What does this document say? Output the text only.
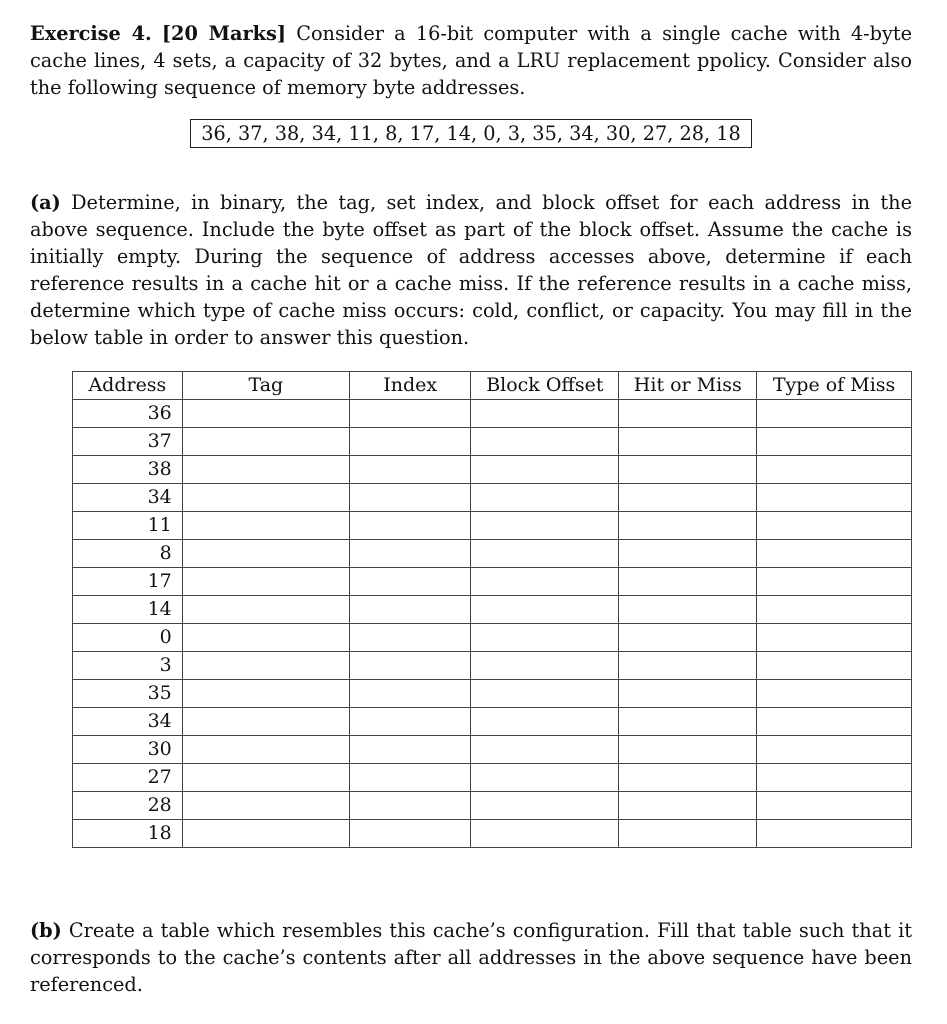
Exercise 4. [20 Marks] Consider a 16-bit computer with a single cache with 4-byte cache lines, 4 sets, a capacity of 32 bytes, and a LRU replacement ppolicy. Consider also the following sequence of memory byte addresses.

36, 37, 38, 34, 11, 8, 17, 14, 0, 3, 35, 34, 30, 27, 28, 18

(a) Determine, in binary, the tag, set index, and block offset for each address in the above sequence. Include the byte offset as part of the block offset. Assume the cache is initially empty. During the sequence of address accesses above, determine if each reference results in a cache hit or a cache miss. If the reference results in a cache miss, determine which type of cache miss occurs: cold, conflict, or capacity. You may fill in the below table in order to answer this question.

Address	Tag	Index	Block Offset	Hit or Miss	Type of Miss
36					
37					
38					
34					
11					
8					
17					
14					
0					
3					
35					
34					
30					
27					
28					
18					

(b) Create a table which resembles this cache’s configuration. Fill that table such that it corresponds to the cache’s contents after all addresses in the above sequence have been referenced.
